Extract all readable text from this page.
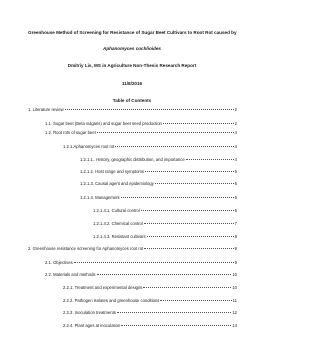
Greenhouse Method of Screening for Resistance of Sugar Beet Cultivars to Root Rot caused by
Aphanomyces cochlioides
Dmitriy Lis, MS in Agriculture Non-Thesis Research Report
11/8/2016
Table of Contents
1. Literature review	2
1.1. Sugar beet (Beta vulgaris) and sugar beet seed production	2
1.2. Root rots of sugar beet	4
1.2.1.Aphanomyces root rot	4
1.2.1.1.. History, geographic distribution, and importance	4
1.2.1.2. Host range and symptoms	5
1.2.1.3. Causal agent and epidemiology	6
1.2.1.4. Management	6
1.2.1.4.1. Cultural control	6
1.2.1.4.2. Chemical control	7
1.2.1.4.3. Resistant cultivars	8
2. Greenhouse resistance screening for Aphanomyces root rot	9
2.1. Objectives	9
2.2. Materials and methods	10
2.2.1. Treatment and experimental designs	10
2.2.2. Pathogen isolates and greenhouse conditions	11
2.2.3. Inoculation treatments	12
2.2.4. Plant ages at inoculation	14
